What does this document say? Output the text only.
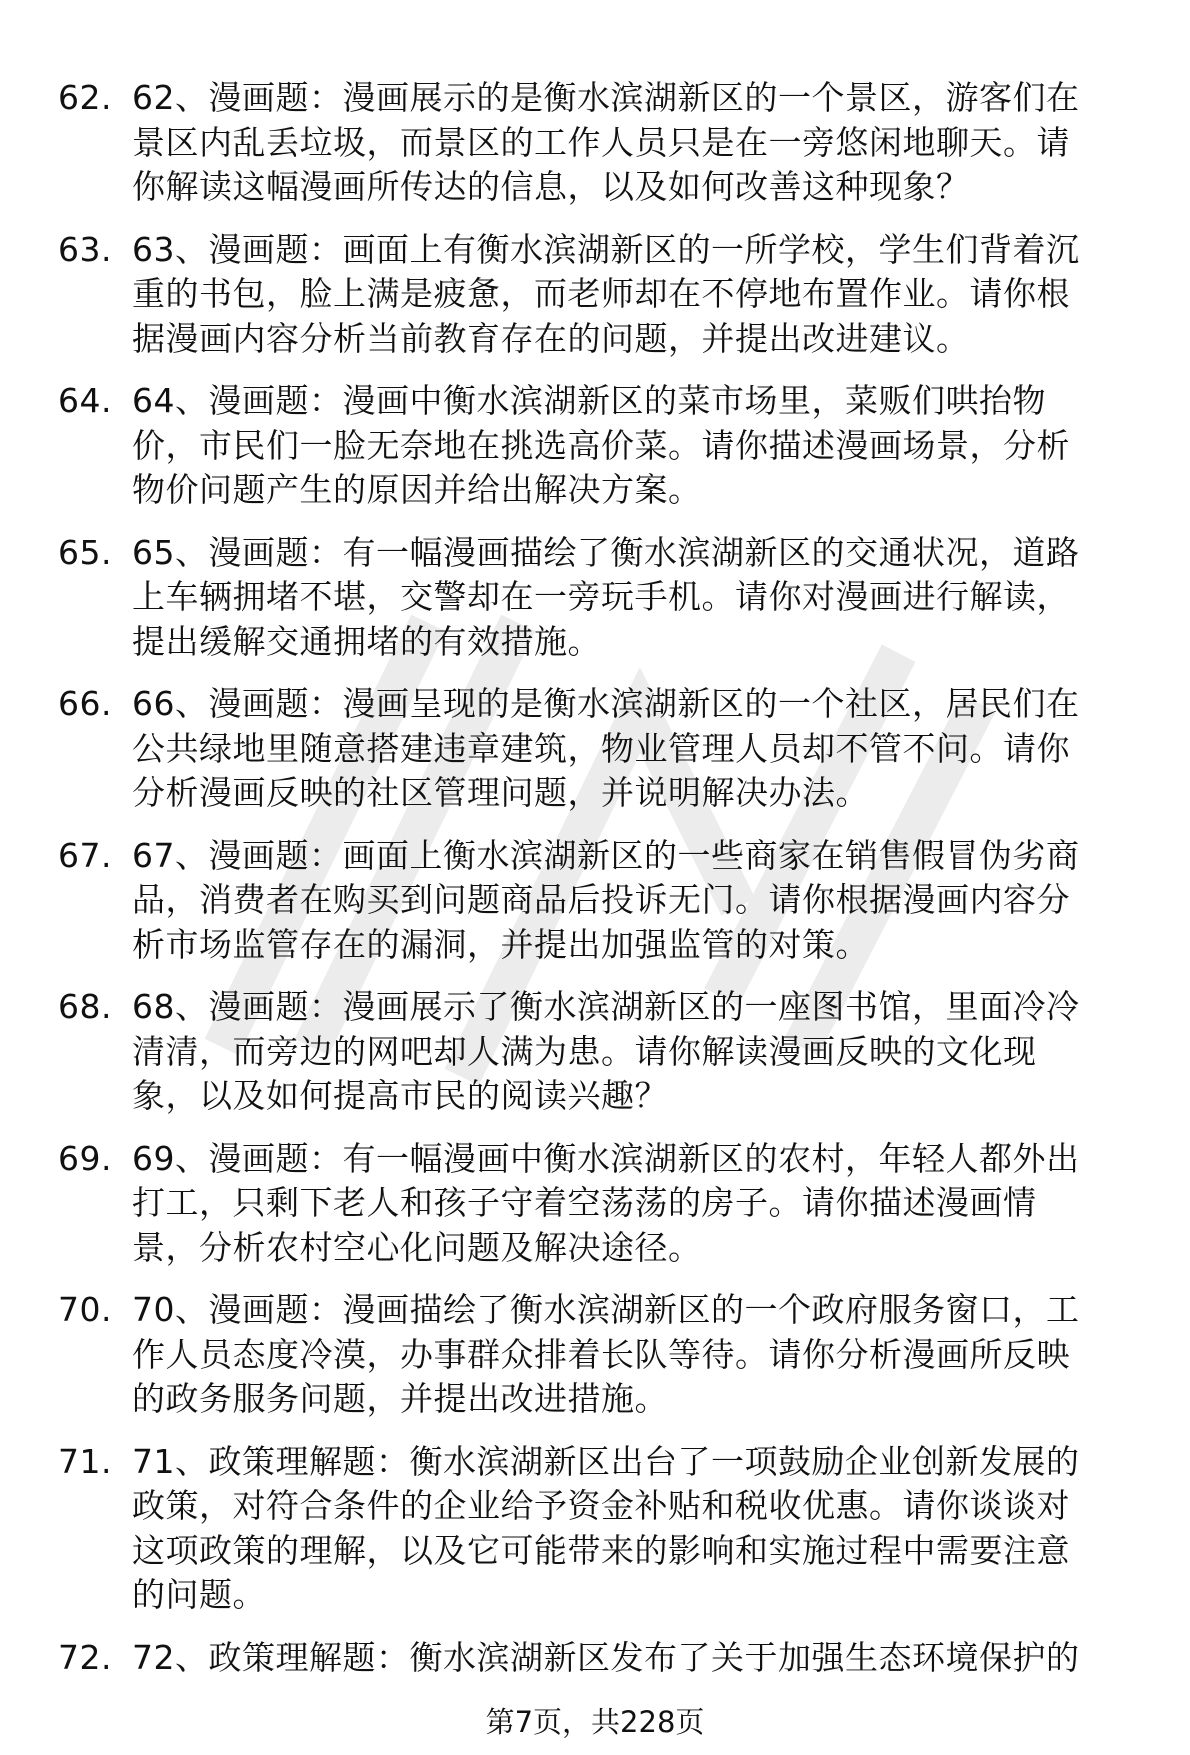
62. 62、漫画题：漫画展示的是衡水滨湖新区的一个景区，游客们在
景区内乱丢垃圾，而景区的工作人员只是在一旁悠闲地聊天。请
你解读这幅漫画所传达的信息，以及如何改善这种现象？
63. 63、漫画题：画面上有衡水滨湖新区的一所学校，学生们背着沉
重的书包，脸上满是疲惫，而老师却在不停地布置作业。请你根
据漫画内容分析当前教育存在的问题，并提出改进建议。
64. 64、漫画题：漫画中衡水滨湖新区的菜市场里，菜贩们哄抬物
价，市民们一脸无奈地在挑选高价菜。请你描述漫画场景，分析
物价问题产生的原因并给出解决方案。
65. 65、漫画题：有一幅漫画描绘了衡水滨湖新区的交通状况，道路
上车辆拥堵不堪，交警却在一旁玩手机。请你对漫画进行解读，
提出缓解交通拥堵的有效措施。
66. 66、漫画题：漫画呈现的是衡水滨湖新区的一个社区，居民们在
公共绿地里随意搭建违章建筑，物业管理人员却不管不问。请你
分析漫画反映的社区管理问题，并说明解决办法。
67. 67、漫画题：画面上衡水滨湖新区的一些商家在销售假冒伪劣商
品，消费者在购买到问题商品后投诉无门。请你根据漫画内容分
析市场监管存在的漏洞，并提出加强监管的对策。
68. 68、漫画题：漫画展示了衡水滨湖新区的一座图书馆，里面冷冷
清清，而旁边的网吧却人满为患。请你解读漫画反映的文化现
象，以及如何提高市民的阅读兴趣？
69. 69、漫画题：有一幅漫画中衡水滨湖新区的农村，年轻人都外出
打工，只剩下老人和孩子守着空荡荡的房子。请你描述漫画情
景，分析农村空心化问题及解决途径。
70. 70、漫画题：漫画描绘了衡水滨湖新区的一个政府服务窗口，工
作人员态度冷漠，办事群众排着长队等待。请你分析漫画所反映
的政务服务问题，并提出改进措施。
71. 71、政策理解题：衡水滨湖新区出台了一项鼓励企业创新发展的
政策，对符合条件的企业给予资金补贴和税收优惠。请你谈谈对
这项政策的理解，以及它可能带来的影响和实施过程中需要注意
的问题。
72. 72、政策理解题：衡水滨湖新区发布了关于加强生态环境保护的
第7页，共228页
